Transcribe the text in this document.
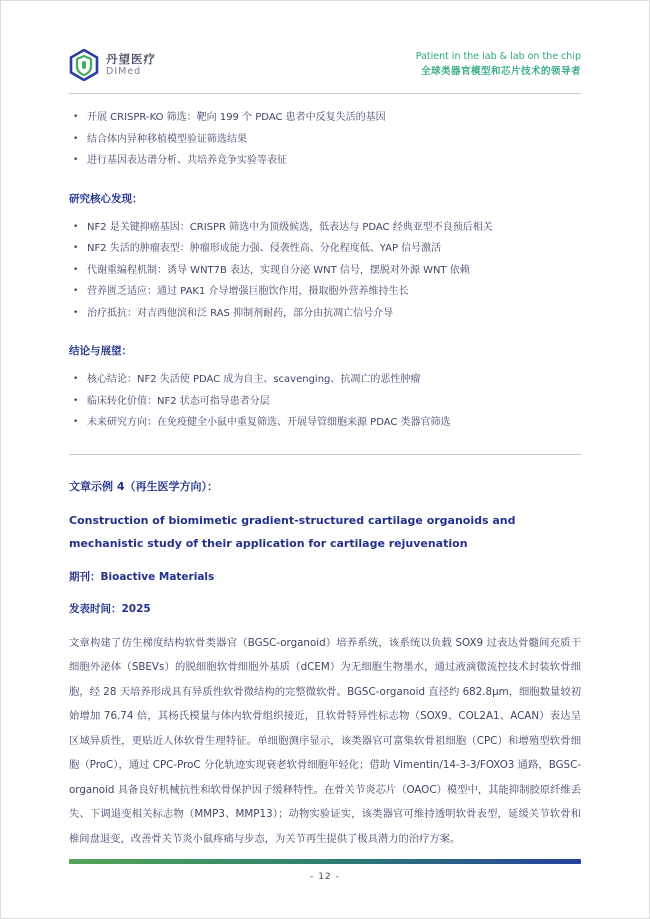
丹望医疗
DIMed
Patient in the lab & lab on the chip
全球类器官模型和芯片技术的领导者
• 开展 CRISPR-KO 筛选：靶向 199 个 PDAC 患者中反复失活的基因
• 结合体内异种移植模型验证筛选结果
• 进行基因表达谱分析、共培养竞争实验等表征
研究核心发现：
• NF2 是关键抑癌基因：CRISPR 筛选中为顶级候选，低表达与 PDAC 经典亚型不良预后相关
• NF2 失活的肿瘤表型：肿瘤形成能力强、侵袭性高、分化程度低、YAP 信号激活
• 代谢重编程机制：诱导 WNT7B 表达，实现自分泌 WNT 信号，摆脱对外源 WNT 依赖
• 营养匮乏适应：通过 PAK1 介导增强巨胞饮作用，摄取胞外营养维持生长
• 治疗抵抗：对吉西他滨和泛 RAS 抑制剂耐药，部分由抗凋亡信号介导
结论与展望：
• 核心结论：NF2 失活使 PDAC 成为自主、scavenging、抗凋亡的恶性肿瘤
• 临床转化价值：NF2 状态可指导患者分层
• 未来研究方向：在免疫健全小鼠中重复筛选、开展导管细胞来源 PDAC 类器官筛选
文章示例 4（再生医学方向）：
Construction of biomimetic gradient-structured cartilage organoids and mechanistic study of their application for cartilage rejuvenation
期刊：Bioactive Materials
发表时间：2025

文章构建了仿生梯度结构软骨类器官（BGSC-organoid）培养系统，该系统以负载 SOX9 过表达骨髓间充质干细胞外泌体（SBEVs）的脱细胞软骨细胞外基质（dCEM）为无细胞生物墨水，通过液滴微流控技术封装软骨细胞，经 28 天培养形成具有异质性软骨微结构的完整微软骨。BGSC-organoid 直径约 682.8μm，细胞数量较初始增加 76.74 倍，其杨氏模量与体内软骨组织接近，且软骨特异性标志物（SOX9、COL2A1、ACAN）表达呈区域异质性，更贴近人体软骨生理特征。单细胞测序显示，该类器官可富集软骨祖细胞（CPC）和增殖型软骨细胞（ProC），通过 CPC-ProC 分化轨迹实现衰老软骨细胞年轻化；借助 Vimentin/14-3-3/FOXO3 通路，BGSC-organoid 具备良好机械抗性和软骨保护因子缓释特性。在骨关节炎芯片（OAOC）模型中，其能抑制胶原纤维丢失、下调退变相关标志物（MMP3、MMP13）；动物实验证实，该类器官可维持透明软骨表型，延缓关节软骨和椎间盘退变，改善骨关节炎小鼠疼痛与步态，为关节再生提供了极具潜力的治疗方案。

- 12 -
